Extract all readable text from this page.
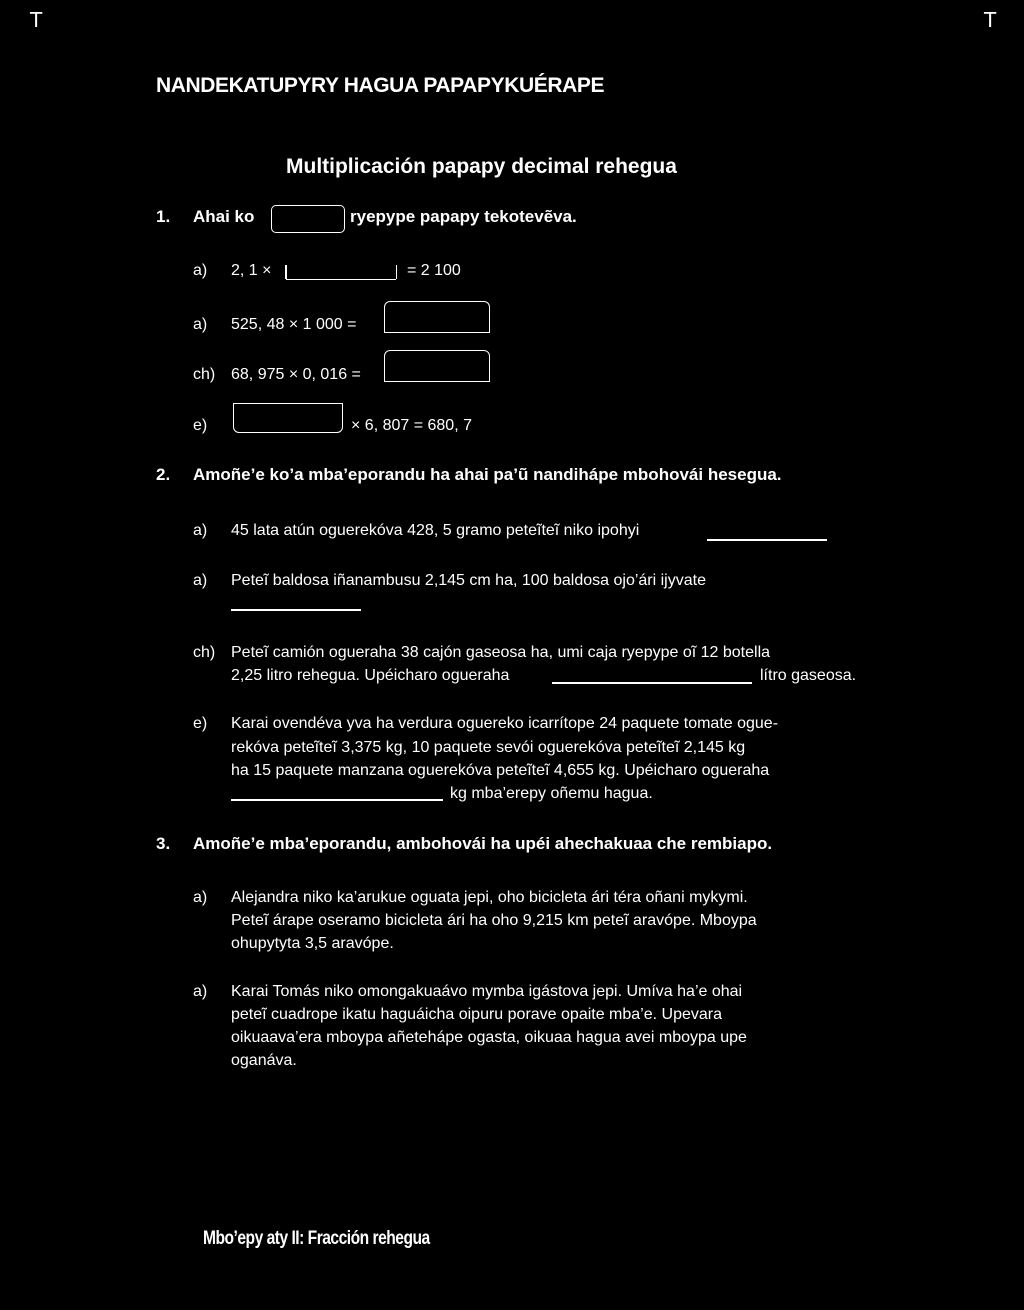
T	T
NANDEKATUPYRY HAGUA PAPAPYKUÉRAPE
Multiplicación papapy decimal rehegua
1. Ahai ko	ryepype papapy tekotevẽva.
a) 2, 1 ×	= 2 100
a) 525, 48 × 1 000 =
ch) 68, 975 × 0, 016 =
e)	× 6, 807 = 680, 7
2. Amoñe’e ko’a mba’eporandu ha ahai pa’ũ nandihápe mbohovái hesegua.
a) 45 lata atún oguerekóva 428, 5 gramo peteĩteĩ niko ipohyi
a) Peteĩ baldosa iñanambusu 2,145 cm ha, 100 baldosa ojo’ári ijyvate
ch) Peteĩ camión ogueraha 38 cajón gaseosa ha, umi caja ryepype oĩ 12 botella
2,25 litro rehegua. Upéicharo ogueraha	lítro gaseosa.
e) Karai ovendéva yva ha verdura oguereko icarrítope 24 paquete tomate ogue-
rekóva peteĩteĩ 3,375 kg, 10 paquete sevói oguerekóva peteĩteĩ 2,145 kg
ha 15 paquete manzana oguerekóva peteĩteĩ 4,655 kg. Upéicharo ogueraha
kg mba’erepy oñemu hagua.
3. Amoñe’e mba’eporandu, ambohovái ha upéi ahechakuaa che rembiapo.
a) Alejandra niko ka’arukue oguata jepi, oho bicicleta ári téra oñani mykymi.
Peteĩ árape oseramo bicicleta ári ha oho 9,215 km peteĩ aravópe. Mboypa
ohupytyta 3,5 aravópe.
a) Karai Tomás niko omongakuaávo mymba igástova jepi. Umíva ha’e ohai
peteĩ cuadrope ikatu haguáicha oipuru porave opaite mba’e. Upevara
oikuaava’era mboypa añeteháp​e ogasta, oikuaa hagua avei mboypa upe
oganáva.
Mbo’epy aty II: Fracción rehegua
